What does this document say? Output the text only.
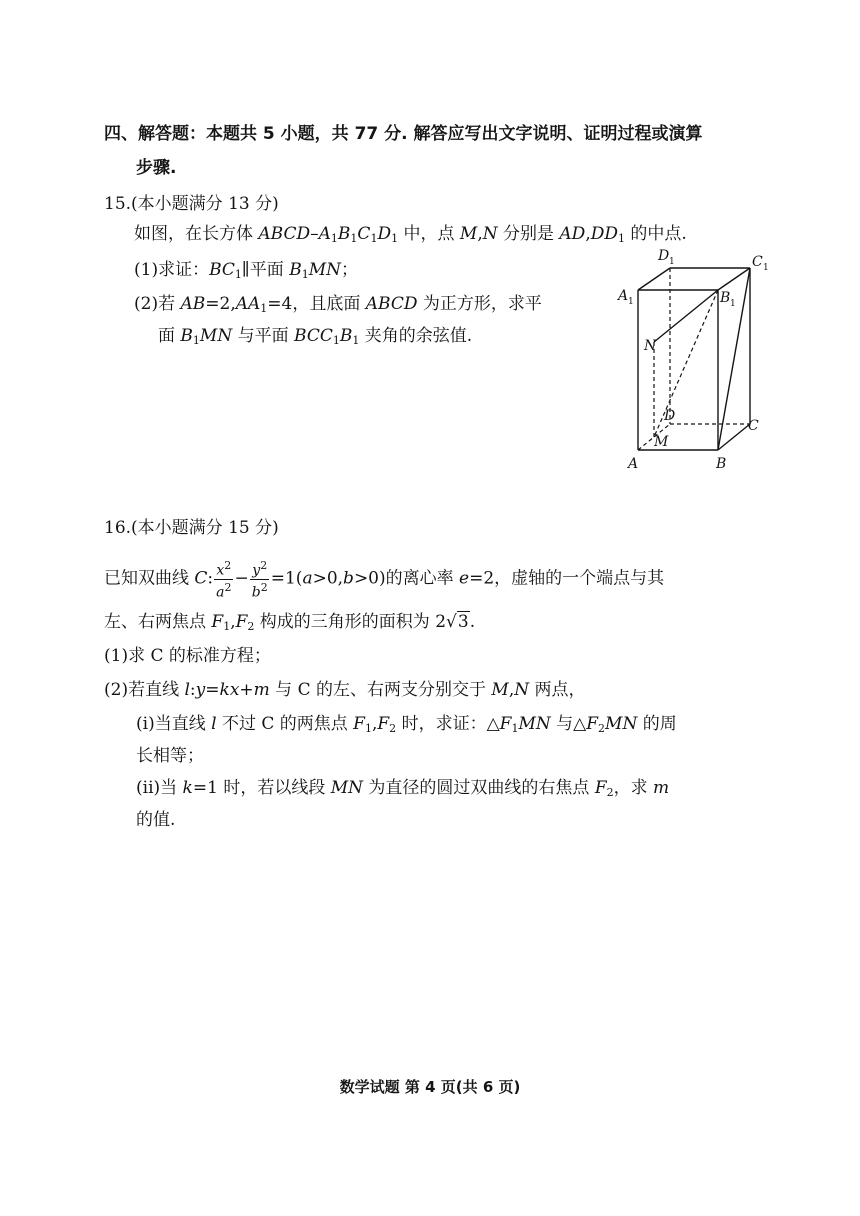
四、解答题：本题共 5 小题，共 77 分. 解答应写出文字说明、证明过程或演算
步骤.
15.(本小题满分 13 分)
如图，在长方体 ABCD–$A_1B_1C_1D_1$ 中，点 M,N 分别是 $AD,DD_1$ 的中点.
(1)求证：$BC_1\parallel$平面 $B_1MN$；
(2)若 $AB=2,AA_1=4$，且底面 ABCD 为正方形，求平
面 $B_1MN$ 与平面 $BCC_1B_1$ 夹角的余弦值.
A 1	B 1
C 1
D 1
N
D
M
C
A	B
16.(本小题满分 15 分)
已知双曲线 C: $\frac{x^2}{a^2} - \frac{y^2}{b^2} =1(a>0,b>0)$的离心率 e=2，虚轴的一个端点与其
左、右两焦点 $F_1,F_2$ 构成的三角形的面积为 2√3.
(1)求 C 的标准方程；
(2)若直线 l:y=kx+m 与 C 的左、右两支分别交于 M,N 两点，
(i)当直线 l 不过 C 的两焦点 $F_1,F_2$ 时，求证：$\triangle F_1MN$ 与$\triangle F_2MN$ 的周
长相等；
(ii)当 k=1 时，若以线段 MN 为直径的圆过双曲线的右焦点 $F_2$，求 m
的值.
数学试题 第 4 页(共 6 页)
